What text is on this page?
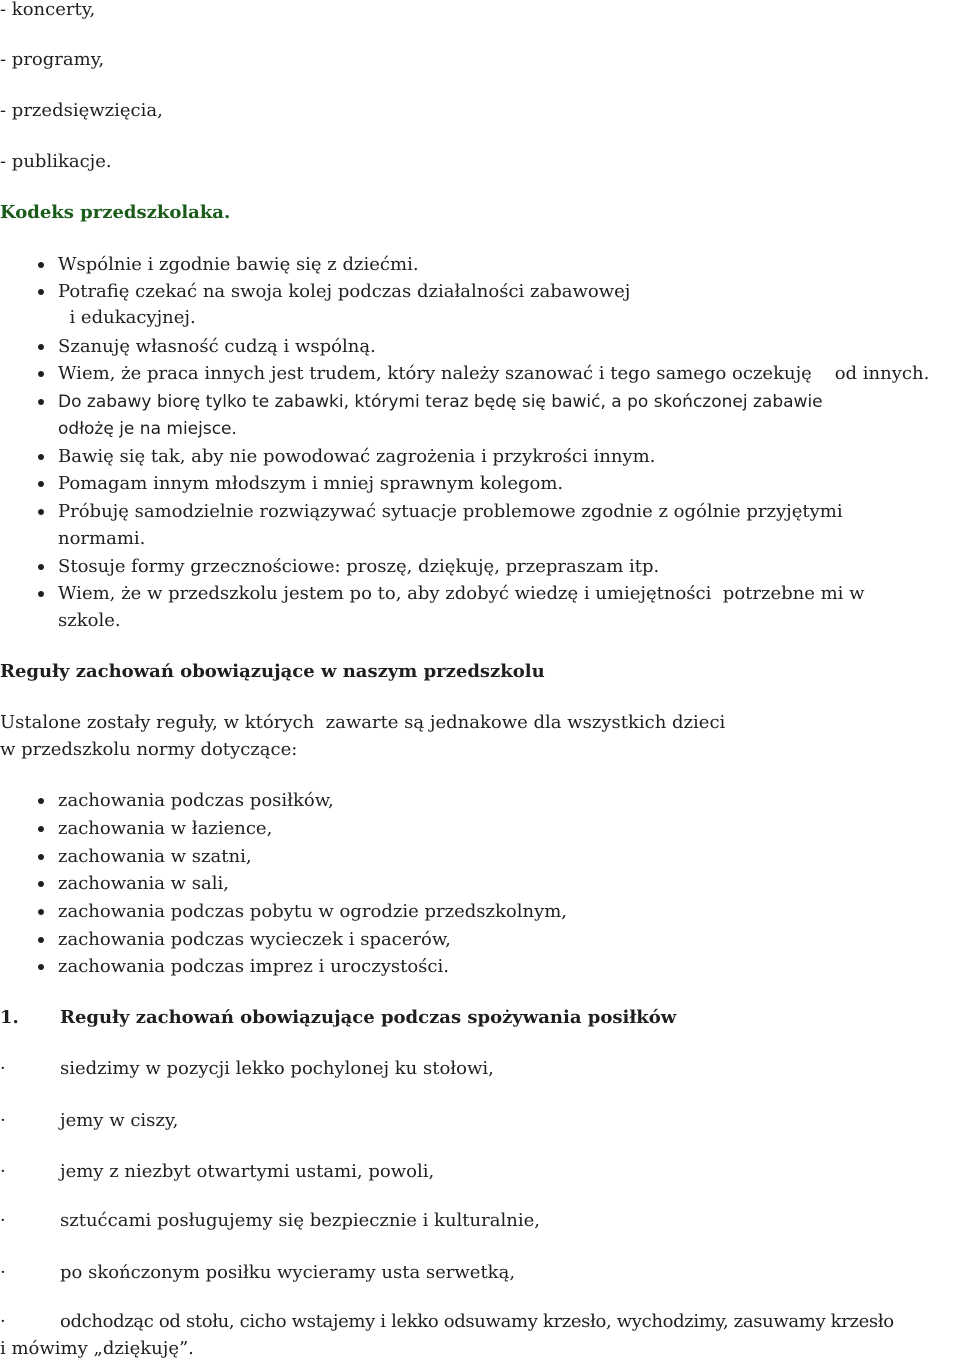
- koncerty,
- programy,
- przedsięwzięcia,
- publikacje.
Kodeks przedszkolaka.
Wspólnie i zgodnie bawię się z dziećmi.
Potrafię czekać na swoja kolej podczas działalności zabawowej
i edukacyjnej.
Szanuję własność cudzą i wspólną.
Wiem, że praca innych jest trudem, który należy szanować i tego samego oczekuję    od innych.
Do zabawy biorę tylko te zabawki, którymi teraz będę się bawić, a po skończonej zabawie
odłożę je na miejsce.
Bawię się tak, aby nie powodować zagrożenia i przykrości innym.
Pomagam innym młodszym i mniej sprawnym kolegom.
Próbuję samodzielnie rozwiązywać sytuacje problemowe zgodnie z ogólnie przyjętymi
normami.
Stosuje formy grzecznościowe: proszę, dziękuję, przepraszam itp.
Wiem, że w przedszkolu jestem po to, aby zdobyć wiedzę i umiejętności  potrzebne mi w
szkole.
Reguły zachowań obowiązujące w naszym przedszkolu
Ustalone zostały reguły, w których  zawarte są jednakowe dla wszystkich dzieci
w przedszkolu normy dotyczące:
zachowania podczas posiłków,
zachowania w łazience,
zachowania w szatni,
zachowania w sali,
zachowania podczas pobytu w ogrodzie przedszkolnym,
zachowania podczas wycieczek i spacerów,
zachowania podczas imprez i uroczystości.
1. Reguły zachowań obowiązujące podczas spożywania posiłków
·	siedzimy w pozycji lekko pochylonej ku stołowi,
·	jemy w ciszy,
·	jemy z niezbyt otwartymi ustami, powoli,
·	sztućcami posługujemy się bezpiecznie i kulturalnie,
·	po skończonym posiłku wycieramy usta serwetką,
·	odchodząc od stołu, cicho wstajemy i lekko odsuwamy krzesło, wychodzimy, zasuwamy krzesło
i mówimy „dziękuję”.
